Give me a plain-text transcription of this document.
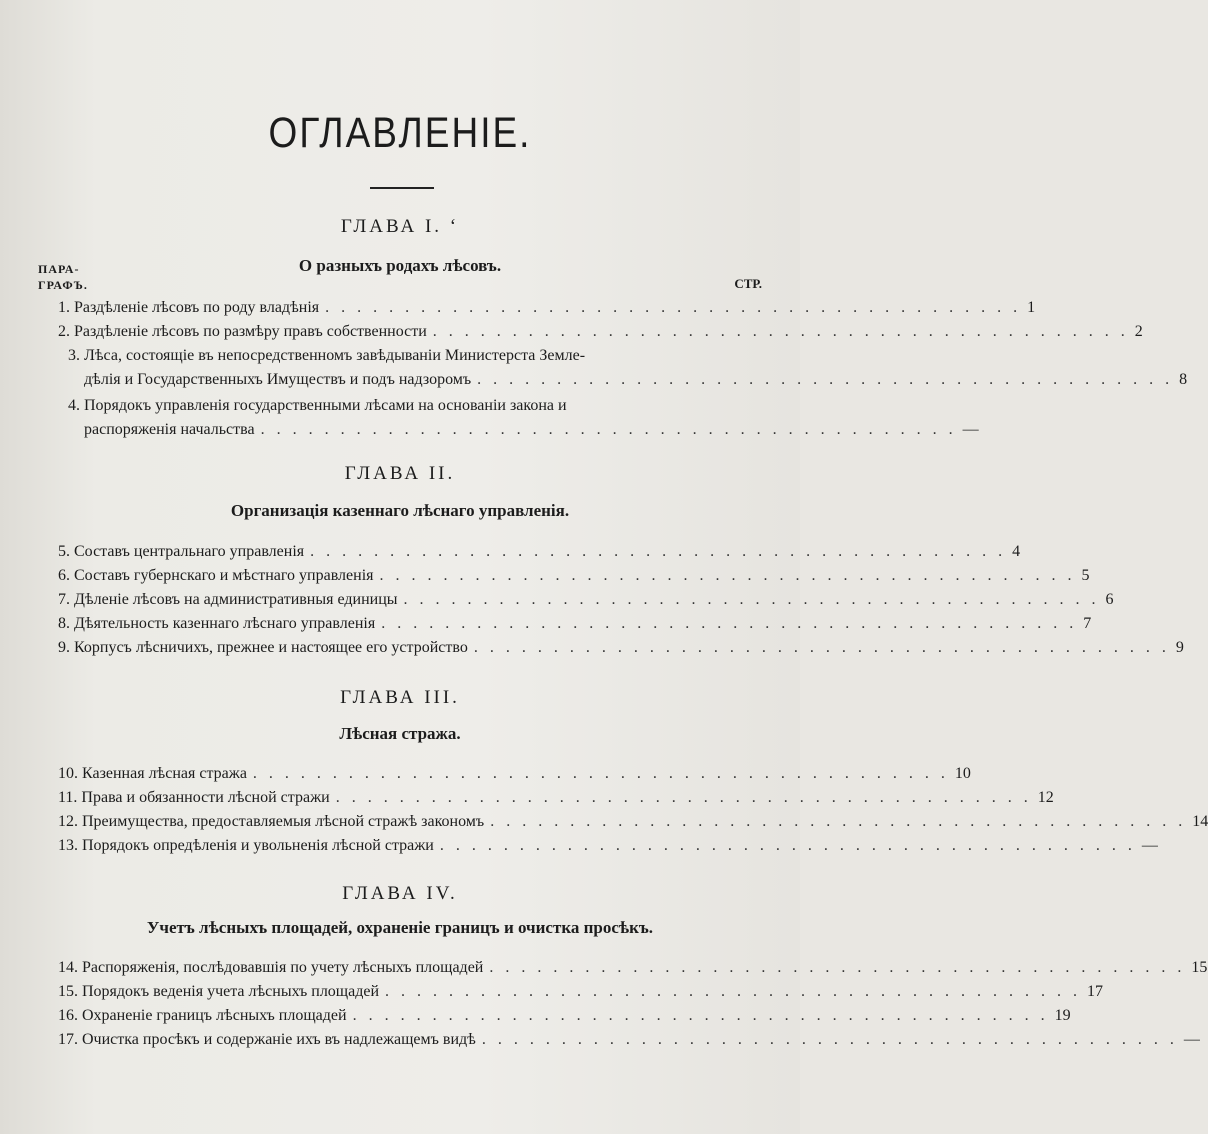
ОГЛАВЛЕНІЕ.
ПАРА-
ГРАФЪ.	СТР.
ГЛАВА I. ‘
О разныхъ родахъ лѣсовъ.
1. Раздѣленіе лѣсовъ по роду владѣнія . . . . . . . . . . . . . . . . . . . . . . . . . . . . . . . . . . . . . . . . . . . . 1
2. Раздѣленіе лѣсовъ по размѣру правъ собственности . . . . . . . . . . . . . . . . . . . . . . . . . . . . . . . . . . . . . . . . . . . . 2
3. Лѣса, состоящіе въ непосредственномъ завѣдываніи Министерста Земле-
дѣлія и Государственныхъ Имуществъ и подъ надзоромъ . . . . . . . . . . . . . . . . . . . . . . . . . . . . . . . . . . . . . . . . . . . . 8
4. Порядокъ управленія государственными лѣсами на основаніи закона и
распоряженія начальства . . . . . . . . . . . . . . . . . . . . . . . . . . . . . . . . . . . . . . . . . . . . —
ГЛАВА II.
Организація казеннаго лѣснаго управленія.
5. Составъ центральнаго управленія . . . . . . . . . . . . . . . . . . . . . . . . . . . . . . . . . . . . . . . . . . . . 4
6. Составъ губернскаго и мѣстнаго управленія . . . . . . . . . . . . . . . . . . . . . . . . . . . . . . . . . . . . . . . . . . . . 5
7. Дѣленіе лѣсовъ на административныя единицы . . . . . . . . . . . . . . . . . . . . . . . . . . . . . . . . . . . . . . . . . . . . 6
8. Дѣятельность казеннаго лѣснаго управленія . . . . . . . . . . . . . . . . . . . . . . . . . . . . . . . . . . . . . . . . . . . . 7
9. Корпусъ лѣсничихъ, прежнее и настоящее его устройство . . . . . . . . . . . . . . . . . . . . . . . . . . . . . . . . . . . . . . . . . . . . 9
ГЛАВА III.
Лѣсная стража.
10. Казенная лѣсная стража . . . . . . . . . . . . . . . . . . . . . . . . . . . . . . . . . . . . . . . . . . . . 10
11. Права и обязанности лѣсной стражи . . . . . . . . . . . . . . . . . . . . . . . . . . . . . . . . . . . . . . . . . . . . 12
12. Преимущества, предоставляемыя лѣсной стражѣ закономъ . . . . . . . . . . . . . . . . . . . . . . . . . . . . . . . . . . . . . . . . . . . . 14
13. Порядокъ опредѣленія и увольненія лѣсной стражи . . . . . . . . . . . . . . . . . . . . . . . . . . . . . . . . . . . . . . . . . . . . —
ГЛАВА IV.
Учетъ лѣсныхъ площадей, охраненіе границъ и очистка просѣкъ.
14. Распоряженія, послѣдовавшія по учету лѣсныхъ площадей . . . . . . . . . . . . . . . . . . . . . . . . . . . . . . . . . . . . . . . . . . . . 15
15. Порядокъ веденія учета лѣсныхъ площадей . . . . . . . . . . . . . . . . . . . . . . . . . . . . . . . . . . . . . . . . . . . . 17
16. Охраненіе границъ лѣсныхъ площадей . . . . . . . . . . . . . . . . . . . . . . . . . . . . . . . . . . . . . . . . . . . . 19
17. Очистка просѣкъ и содержаніе ихъ въ надлежащемъ видѣ . . . . . . . . . . . . . . . . . . . . . . . . . . . . . . . . . . . . . . . . . . . . —
